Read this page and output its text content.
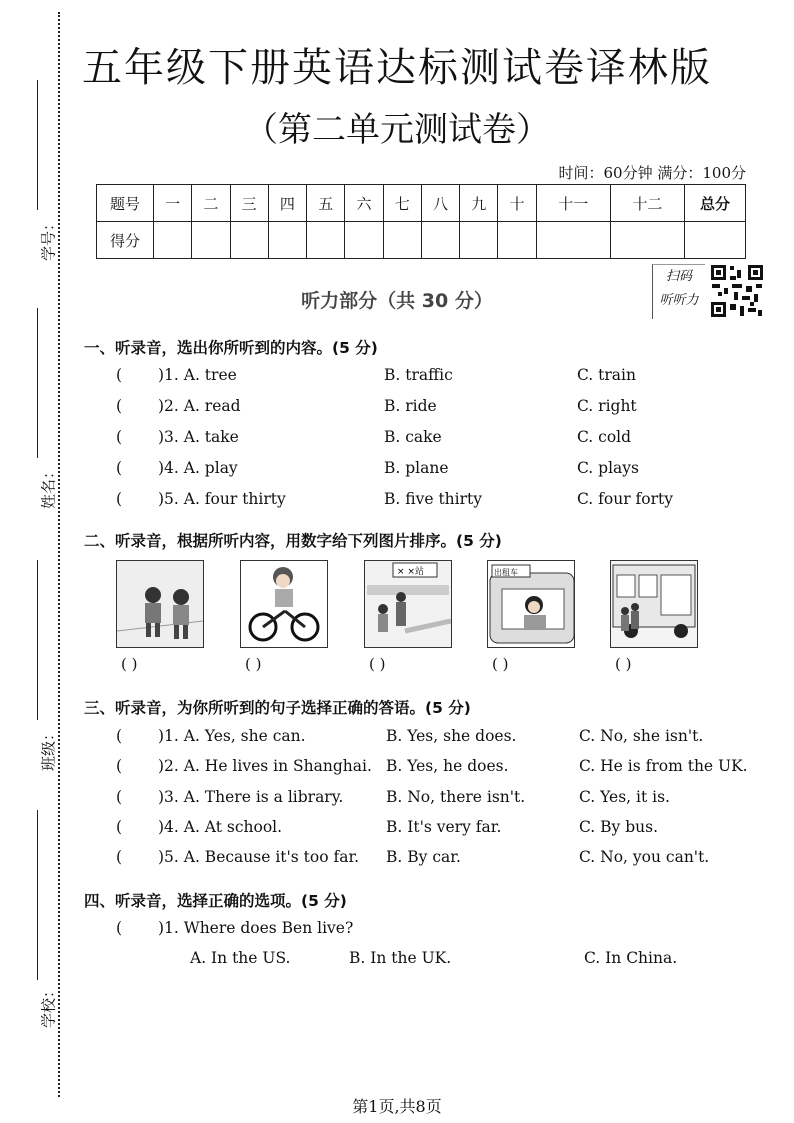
学号：
姓名：
班级：
学校：
五年级下册英语达标测试卷译林版
（第二单元测试卷）
时间：60分钟 满分：100分
题号	一	二	三	四	五	六	七	八	九	十	十一	十二	总分
得分													
听力部分（共 30 分）
扫码
听听力
一、听录音，选出你所听到的内容。(5 分)
( )1. A. tree	B. traffic	C. train
( )2. A. read	B. ride	C. right
( )3. A. take	B. cake	C. cold
( )4. A. play	B. plane	C. plays
( )5. A. four thirty	B. five thirty	C. four forty
二、听录音，根据所听内容，用数字给下列图片排序。(5 分)
× ×站	出租车
( )	( )	( )	( )	( )
三、听录音，为你所听到的句子选择正确的答语。(5 分)
( )1. A. Yes, she can.	B. Yes, she does.	C. No, she isn't.
( )2. A. He lives in Shanghai. B. Yes, he does.	C. He is from the UK.
( )3. A. There is a library.	B. No, there isn't.	C. Yes, it is.
( )4. A. At school.	B. It's very far.	C. By bus.
( )5. A. Because it's too far. B. By car.	C. No, you can't.
四、听录音，选择正确的选项。(5 分)
( )1. Where does Ben live?
A. In the US.	B. In the UK.	C. In China.
第1页,共8页
